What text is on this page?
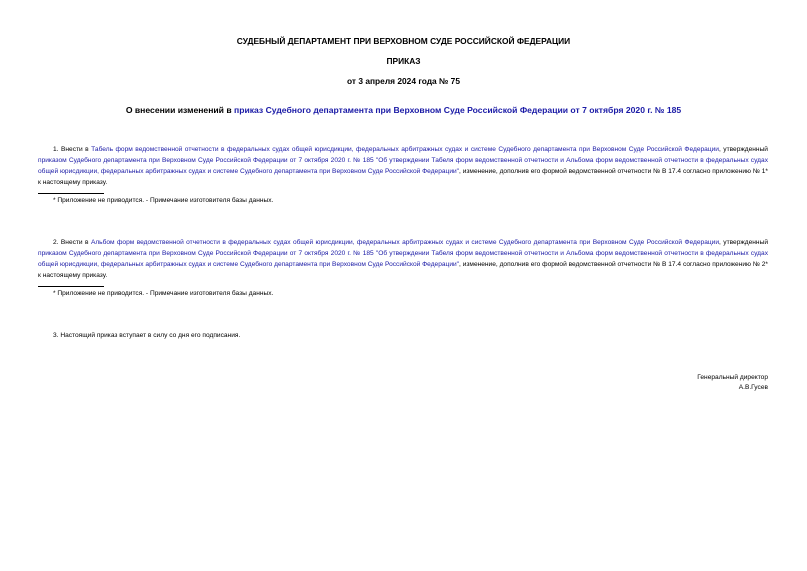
СУДЕБНЫЙ ДЕПАРТАМЕНТ ПРИ ВЕРХОВНОМ СУДЕ РОССИЙСКОЙ ФЕДЕРАЦИИ
ПРИКАЗ
от 3 апреля 2024 года № 75
О внесении изменений в приказ Судебного департамента при Верховном Суде Российской Федерации от 7 октября 2020 г. № 185
1. Внести в Табель форм ведомственной отчетности в федеральных судах общей юрисдикции, федеральных арбитражных судах и системе Судебного департамента при Верховном Суде Российской Федерации, утвержденный приказом Судебного департамента при Верховном Суде Российской Федерации от 7 октября 2020 г. № 185 "Об утверждении Табеля форм ведомственной отчетности и Альбома форм ведомственной отчетности в федеральных судах общей юрисдикции, федеральных арбитражных судах и системе Судебного департамента при Верховном Суде Российской Федерации", изменение, дополнив его формой ведомственной отчетности № В 17.4 согласно приложению № 1* к настоящему приказу.
* Приложение не приводится. - Примечание изготовителя базы данных.
2. Внести в Альбом форм ведомственной отчетности в федеральных судах общей юрисдикции, федеральных арбитражных судах и системе Судебного департамента при Верховном Суде Российской Федерации, утвержденный приказом Судебного департамента при Верховном Суде Российской Федерации от 7 октября 2020 г. № 185 "Об утверждении Табеля форм ведомственной отчетности и Альбома форм ведомственной отчетности в федеральных судах общей юрисдикции, федеральных арбитражных судах и системе Судебного департамента при Верховном Суде Российской Федерации", изменение, дополнив его формой ведомственной отчетности № В 17.4 согласно приложению № 2* к настоящему приказу.
* Приложение не приводится. - Примечание изготовителя базы данных.
3. Настоящий приказ вступает в силу со дня его подписания.
Генеральный директор
А.В.Гусев
